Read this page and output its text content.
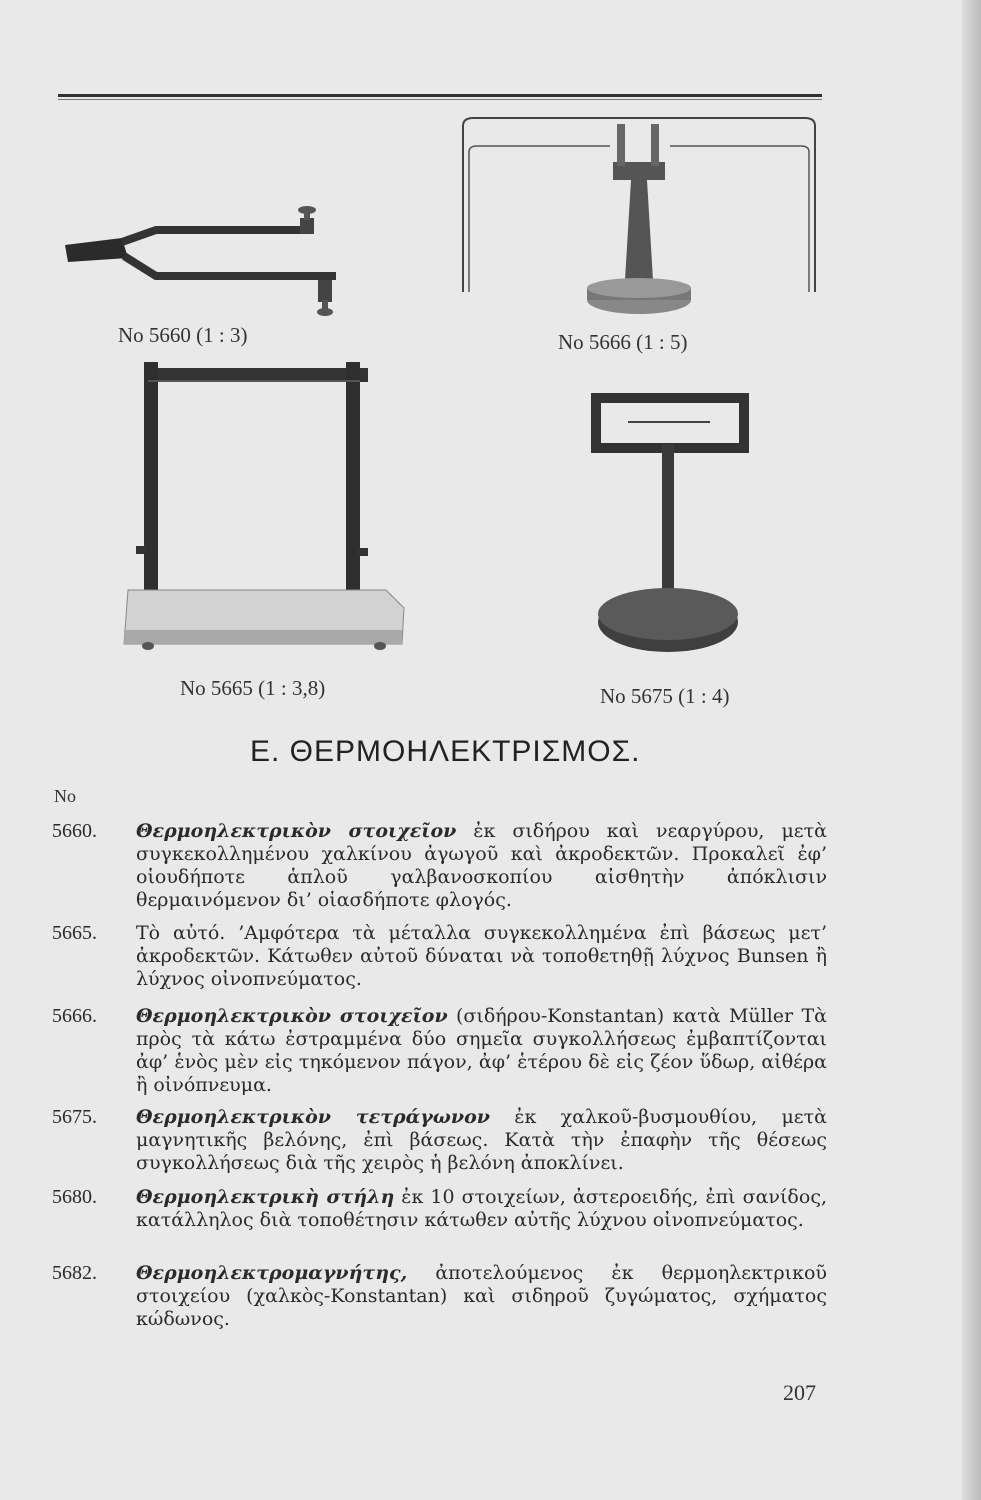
No 5660 (1 : 3)	No 5666 (1 : 5)
No 5665 (1 : 3,8)	No 5675 (1 : 4)
Ε. ΘΕΡΜΟΗΛΕΚΤΡΙΣΜΟΣ.
No
5660.	Θερμοηλεκτρικὸν στοιχεῖον ἐκ σιδήρου καὶ νεαργύρου, μετὰ συγκεκολλημένου χαλκίνου ἀγωγοῦ καὶ ἀκροδεκτῶν. Προκαλεῖ ἐφ’ οἱουδήποτε ἁπλοῦ γαλβανοσκοπίου αἰσθητὴν ἀπόκλισιν θερμαινόμενον δι’ οἱασδήποτε φλογός.
5665.	Τὸ αὐτό. ’Αμφότερα τὰ μέταλλα συγκεκολλημένα ἐπὶ βάσεως μετ’ ἀκροδεκτῶν. Κάτωθεν αὐτοῦ δύναται νὰ τοποθετηθῇ λύχνος Bunsen ἢ λύχνος οἰνοπνεύματος.
5666.	Θερμοηλεκτρικὸν στοιχεῖον (σιδήρου-Konstantan) κατὰ Müller Τὰ πρὸς τὰ κάτω ἐστραμμένα δύο σημεῖα συγκολλήσεως ἐμβαπτίζονται ἀφ’ ἑνὸς μὲν εἰς τηκόμενον πάγον, ἀφ’ ἑτέρου δὲ εἰς ζέον ὕδωρ, αἰθέρα ἢ οἰνόπνευμα.
5675.	Θερμοηλεκτρικὸν τετράγωνον ἐκ χαλκοῦ-βυσμουθίου, μετὰ μαγνητικῆς βελόνης, ἐπὶ βάσεως. Κατὰ τὴν ἐπαφὴν τῆς θέσεως συγκολλήσεως διὰ τῆς χειρὸς ἡ βελόνη ἀποκλίνει.
5680.	Θερμοηλεκτρικὴ στήλη ἐκ 10 στοιχείων, ἀστεροειδής, ἐπὶ σανίδος, κατάλληλος διὰ τοποθέτησιν κάτωθεν αὐτῆς λύχνου οἰνοπνεύματος.
5682.	Θερμοηλεκτρομαγνήτης, ἀποτελούμενος ἐκ θερμοηλεκτρικοῦ στοιχείου (χαλκὸς-Konstantan) καὶ σιδηροῦ ζυγώματος, σχήματος κώδωνος.
207
